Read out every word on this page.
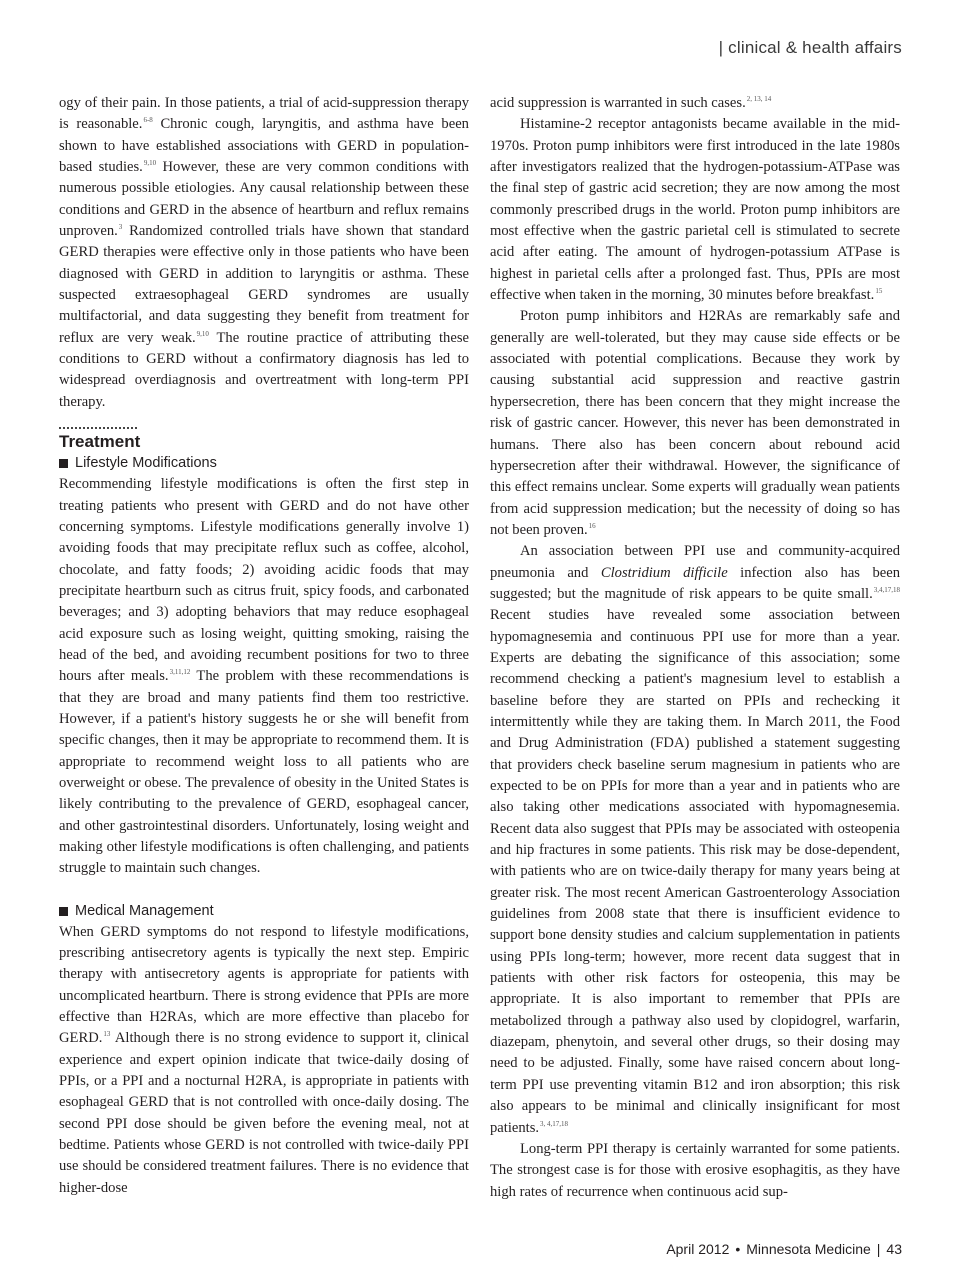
| clinical & health affairs

ogy of their pain. In those patients, a trial of acid-suppression therapy is reasonable.$^{6-8}$ Chronic cough, laryngitis, and asthma have been shown to have established associations with GERD in population-based studies.$^{9,10}$ However, these are very common conditions with numerous possible etiologies. Any causal relationship between these conditions and GERD in the absence of heartburn and reflux remains unproven.$^3$ Randomized controlled trials have shown that standard GERD therapies were effective only in those patients who have been diagnosed with GERD in addition to laryngitis or asthma. These suspected extraesophageal GERD syndromes are usually multifactorial, and data suggesting they benefit from treatment for reflux are very weak.$^{9,10}$ The routine practice of attributing these conditions to GERD without a confirmatory diagnosis has led to widespread overdiagnosis and overtreatment with long-term PPI therapy.

Treatment
Lifestyle Modifications

Recommending lifestyle modifications is often the first step in treating patients who present with GERD and do not have other concerning symptoms. Lifestyle modifications generally involve 1) avoiding foods that may precipitate reflux such as coffee, alcohol, chocolate, and fatty foods; 2) avoiding acidic foods that may precipitate heartburn such as citrus fruit, spicy foods, and carbonated beverages; and 3) adopting behaviors that may reduce esophageal acid exposure such as losing weight, quitting smoking, raising the head of the bed, and avoiding recumbent positions for two to three hours after meals.$^{3,11,12}$ The problem with these recommendations is that they are broad and many patients find them too restrictive. However, if a patient's history suggests he or she will benefit from specific changes, then it may be appropriate to recommend them. It is appropriate to recommend weight loss to all patients who are overweight or obese. The prevalence of obesity in the United States is likely contributing to the prevalence of GERD, esophageal cancer, and other gastrointestinal disorders. Unfortunately, losing weight and making other lifestyle modifications is often challenging, and patients struggle to maintain such changes.

Medical Management

When GERD symptoms do not respond to lifestyle modifications, prescribing antisecretory agents is typically the next step. Empiric therapy with antisecretory agents is appropriate for patients with uncomplicated heartburn. There is strong evidence that PPIs are more effective than H2RAs, which are more effective than placebo for GERD.$^{13}$ Although there is no strong evidence to support it, clinical experience and expert opinion indicate that twice-daily dosing of PPIs, or a PPI and a nocturnal H2RA, is appropriate in patients with esophageal GERD that is not controlled with once-daily dosing. The second PPI dose should be given before the evening meal, not at bedtime. Patients whose GERD is not controlled with twice-daily PPI use should be considered treatment failures. There is no evidence that higher-dose

acid suppression is warranted in such cases.$^{2, 13, 14}$

Histamine-2 receptor antagonists became available in the mid-1970s. Proton pump inhibitors were first introduced in the late 1980s after investigators realized that the hydrogen-potassium-ATPase was the final step of gastric acid secretion; they are now among the most commonly prescribed drugs in the world. Proton pump inhibitors are most effective when the gastric parietal cell is stimulated to secrete acid after eating. The amount of hydrogen-potassium ATPase is highest in parietal cells after a prolonged fast. Thus, PPIs are most effective when taken in the morning, 30 minutes before breakfast.$^{15}$

Proton pump inhibitors and H2RAs are remarkably safe and generally are well-tolerated, but they may cause side effects or be associated with potential complications. Because they work by causing substantial acid suppression and reactive gastrin hypersecretion, there has been concern that they might increase the risk of gastric cancer. However, this never has been demonstrated in humans. There also has been concern about rebound acid hypersecretion after their withdrawal. However, the significance of this effect remains unclear. Some experts will gradually wean patients from acid suppression medication; but the necessity of doing so has not been proven.$^{16}$

An association between PPI use and community-acquired pneumonia and Clostridium difficile infection also has been suggested; but the magnitude of risk appears to be quite small.$^{3,4,17,18}$ Recent studies have revealed some association between hypomagnesemia and continuous PPI use for more than a year. Experts are debating the significance of this association; some recommend checking a patient's magnesium level to establish a baseline before they are started on PPIs and rechecking it intermittently while they are taking them. In March 2011, the Food and Drug Administration (FDA) published a statement suggesting that providers check baseline serum magnesium in patients who are expected to be on PPIs for more than a year and in patients who are also taking other medications associated with hypomagnesemia. Recent data also suggest that PPIs may be associated with osteopenia and hip fractures in some patients. This risk may be dose-dependent, with patients who are on twice-daily therapy for many years being at greater risk. The most recent American Gastroenterology Association guidelines from 2008 state that there is insufficient evidence to support bone density studies and calcium supplementation in patients using PPIs long-term; however, more recent data suggest that in patients with other risk factors for osteopenia, this may be appropriate. It is also important to remember that PPIs are metabolized through a pathway also used by clopidogrel, warfarin, diazepam, phenytoin, and several other drugs, so their dosing may need to be adjusted. Finally, some have raised concern about long-term PPI use preventing vitamin B12 and iron absorption; this risk also appears to be minimal and clinically insignificant for most patients.$^{3, 4,17,18}$

Long-term PPI therapy is certainly warranted for some patients. The strongest case is for those with erosive esophagitis, as they have high rates of recurrence when continuous acid sup-

April 2012 • Minnesota Medicine | 43
